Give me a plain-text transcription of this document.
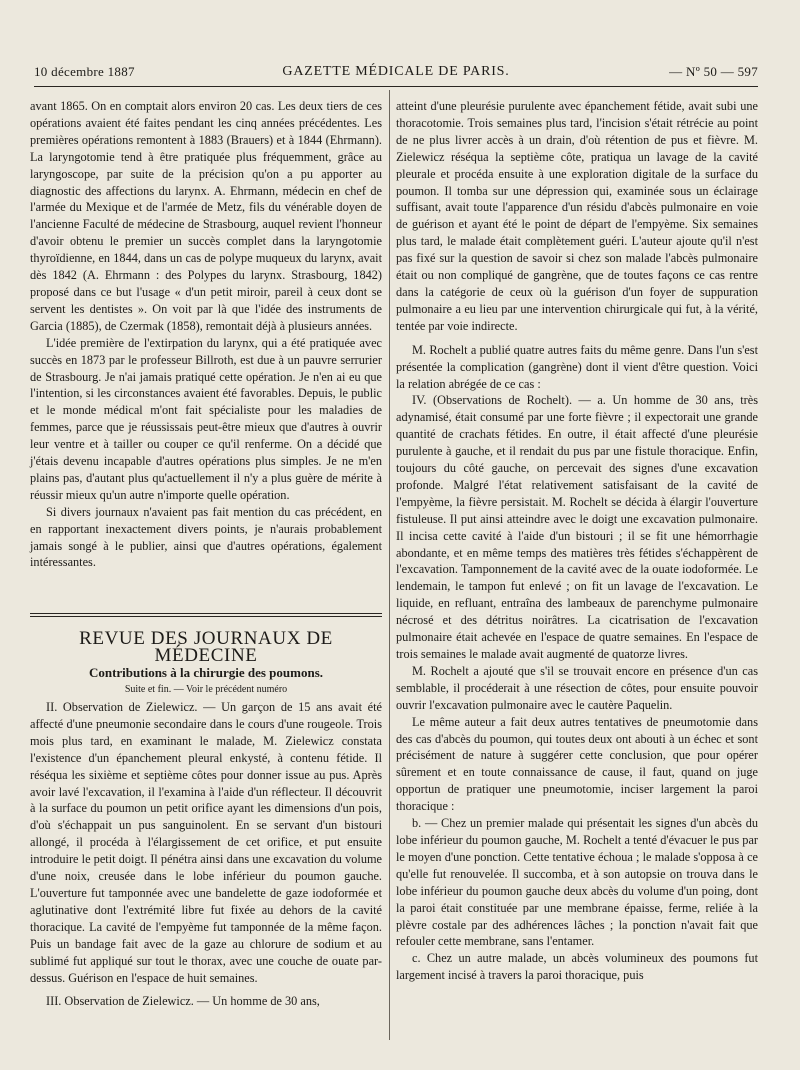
10 décembre 1887	GAZETTE MÉDICALE DE PARIS.	— Nº 50 — 597

avant 1865. On en comptait alors environ 20 cas. Les deux tiers de ces opérations avaient été faites pendant les cinq années précédentes. Les premières opérations remontent à 1883 (Brauers) et à 1844 (Ehrmann). La laryngotomie tend à être pratiquée plus fréquemment, grâce au laryngoscope, par suite de la précision qu'on a pu apporter au diagnostic des affections du larynx. A. Ehrmann, médecin en chef de l'armée du Mexique et de l'armée de Metz, fils du vénérable doyen de l'ancienne Faculté de médecine de Strasbourg, auquel revient l'honneur d'avoir obtenu le premier un succès complet dans la laryngotomie thyroïdienne, en 1844, dans un cas de polype muqueux du larynx, avait dès 1842 (A. Ehrmann : des Polypes du larynx. Strasbourg, 1842) proposé dans ce but l'usage « d'un petit miroir, pareil à ceux dont se servent les dentistes ». On voit par là que l'idée des instruments de Garcia (1885), de Czermak (1858), remontait déjà à plusieurs années.

L'idée première de l'extirpation du larynx, qui a été pratiquée avec succès en 1873 par le professeur Billroth, est due à un pauvre serrurier de Strasbourg. Je n'ai jamais pratiqué cette opération. Je n'en ai eu que l'intention, si les circonstances avaient été favorables. Depuis, le public et le monde médical m'ont fait spécialiste pour les maladies de femmes, parce que je réussissais peut-être mieux que d'autres à ouvrir leur ventre et à tailler ou couper ce qu'il renferme. On a décidé que j'étais devenu incapable d'autres opérations plus simples. Je ne m'en plains pas, d'autant plus qu'actuellement il n'y a plus guère de mérite à réussir mieux qu'un autre n'importe quelle opération.

Si divers journaux n'avaient pas fait mention du cas précédent, en en rapportant inexactement divers points, je n'aurais probablement jamais songé à le publier, ainsi que d'autres opérations, également intéressantes.

REVUE DES JOURNAUX DE MÉDECINE

Contributions à la chirurgie des poumons.

Suite et fin. — Voir le précédent numéro

II. Observation de Zielewicz. — Un garçon de 15 ans avait été affecté d'une pneumonie secondaire dans le cours d'une rougeole. Trois mois plus tard, en examinant le malade, M. Zielewicz constata l'existence d'un épanchement pleural enkysté, à contenu fétide. Il réséqua les sixième et septième côtes pour donner issue au pus. Après avoir lavé l'excavation, il l'examina à l'aide d'un réflecteur. Il découvrit à la surface du poumon un petit orifice ayant les dimensions d'un pois, d'où s'échappait un pus sanguinolent. En se servant d'un bistouri allongé, il procéda à l'élargissement de cet orifice, et put ensuite introduire le petit doigt. Il pénétra ainsi dans une excavation du volume d'une noix, creusée dans le lobe inférieur du poumon gauche. L'ouverture fut tamponnée avec une bandelette de gaze iodoformée et aglutinative dont l'extrémité libre fut fixée au dehors de la cavité thoracique. La cavité de l'empyème fut tamponnée de la même façon. Puis un bandage fait avec de la gaze au chlorure de sodium et au sublimé fut appliqué sur tout le thorax, avec une couche de ouate par-dessus. Guérison en l'espace de huit semaines.

III. Observation de Zielewicz. — Un homme de 30 ans,

atteint d'une pleurésie purulente avec épanchement fétide, avait subi une thoracotomie. Trois semaines plus tard, l'incision s'était rétrécie au point de ne plus livrer accès à un drain, d'où rétention de pus et fièvre. M. Zielewicz réséqua la septième côte, pratiqua un lavage de la cavité pleurale et procéda ensuite à une exploration digitale de la surface du poumon. Il tomba sur une dépression qui, examinée sous un éclairage suffisant, avait toute l'apparence d'un résidu d'abcès pulmonaire en voie de guérison et ayant été le point de départ de l'empyème. Six semaines plus tard, le malade était complètement guéri. L'auteur ajoute qu'il n'est pas fixé sur la question de savoir si chez son malade l'abcès pulmonaire était ou non compliqué de gangrène, que de toutes façons ce cas rentre dans la catégorie de ceux où la guérison d'un foyer de suppuration pulmonaire a eu lieu par une intervention chirurgicale qui fut, à la vérité, tentée par voie indirecte.

M. Rochelt a publié quatre autres faits du même genre. Dans l'un s'est présentée la complication (gangrène) dont il vient d'être question. Voici la relation abrégée de ce cas :

IV. (Observations de Rochelt). — a. Un homme de 30 ans, très adynamisé, était consumé par une forte fièvre ; il expectorait une grande quantité de crachats fétides. En outre, il était affecté d'une pleurésie purulente à gauche, et il rendait du pus par une fistule thoracique. Enfin, toujours du côté gauche, on percevait des signes d'une excavation profonde. Malgré l'état relativement satisfaisant de la cavité de l'empyème, la fièvre persistait. M. Rochelt se décida à élargir l'ouverture fistuleuse. Il put ainsi atteindre avec le doigt une excavation pulmonaire. Il incisa cette cavité à l'aide d'un bistouri ; il se fit une hémorrhagie abondante, et en même temps des matières très fétides s'échappèrent de l'excavation. Tamponnement de la cavité avec de la ouate iodoformée. Le lendemain, le tampon fut enlevé ; on fit un lavage de l'excavation. Le liquide, en refluant, entraîna des lambeaux de parenchyme pulmonaire nécrosé et des détritus noirâtres. La cicatrisation de l'excavation pulmonaire était achevée en l'espace de quatre semaines. En l'espace de trois semaines le malade avait augmenté de quatorze livres.

M. Rochelt a ajouté que s'il se trouvait encore en présence d'un cas semblable, il procéderait à une résection de côtes, pour ensuite pouvoir ouvrir l'excavation pulmonaire avec le cautère Paquelin.

Le même auteur a fait deux autres tentatives de pneumotomie dans des cas d'abcès du poumon, qui toutes deux ont abouti à un échec et sont précisément de nature à suggérer cette conclusion, que pour opérer sûrement et en toute connaissance de cause, il faut, quand on juge opportun de pratiquer une pneumotomie, inciser largement la paroi thoracique :

b. — Chez un premier malade qui présentait les signes d'un abcès du lobe inférieur du poumon gauche, M. Rochelt a tenté d'évacuer le pus par le moyen d'une ponction. Cette tentative échoua ; le malade s'opposa à ce qu'elle fut renouvelée. Il succomba, et à son autopsie on trouva dans le lobe inférieur du poumon gauche deux abcès du volume d'un poing, dont la paroi était constituée par une membrane épaisse, ferme, reliée à la plèvre costale par des adhérences lâches ; la ponction n'avait fait que refouler cette membrane, sans l'entamer.

c. Chez un autre malade, un abcès volumineux des poumons fut largement incisé à travers la paroi thoracique, puis
